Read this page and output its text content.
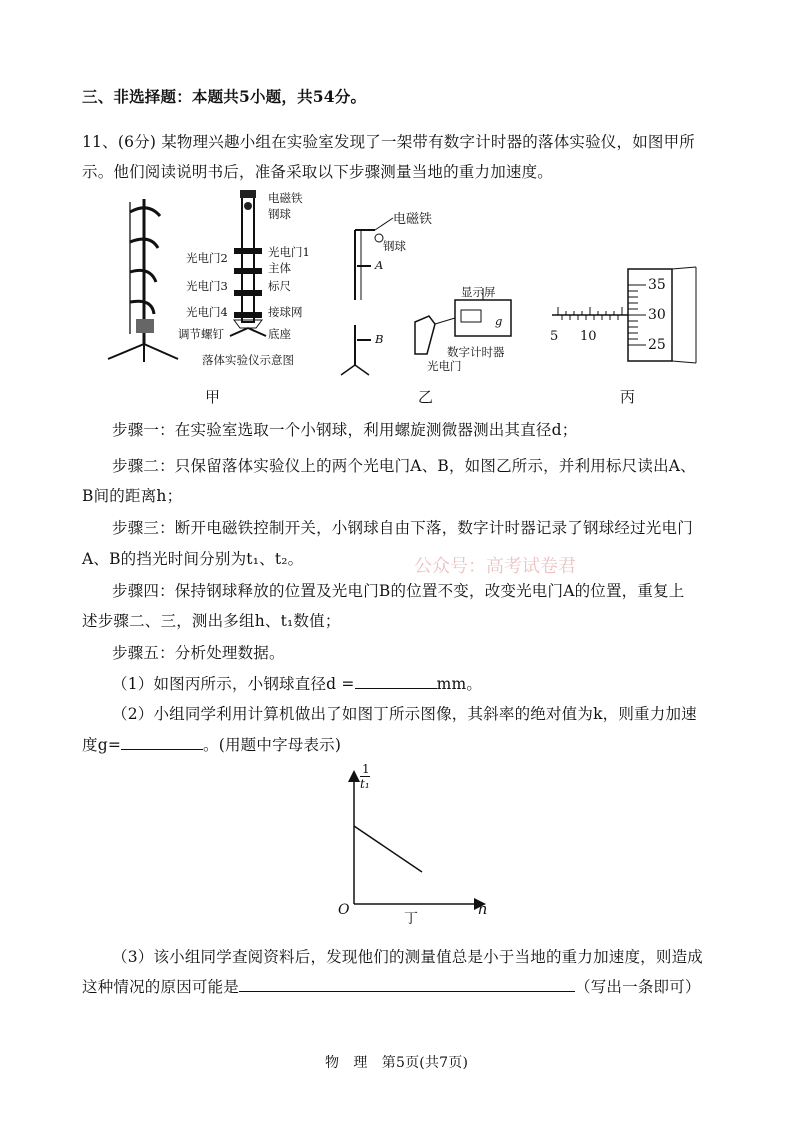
三、非选择题：本题共5小题，共54分。
11、(6分) 某物理兴趣小组在实验室发现了一架带有数字计时器的落体实验仪，如图甲所
示。他们阅读说明书后，准备采取以下步骤测量当地的重力加速度。
电磁铁
钢球
光电门1
光电门2
主体
光电门3	标尺
光电门4	接球网
调节螺钉	底座
落体实验仪示意图
甲
电磁铁
钢球
A
B
显示屏
g
数字计时器
光电门
乙
5 10
35
30
25
丙
步骤一：在实验室选取一个小钢球，利用螺旋测微器测出其直径d；
步骤二：只保留落体实验仪上的两个光电门A、B，如图乙所示，并利用标尺读出A、
B间的距离h；
步骤三：断开电磁铁控制开关，小钢球自由下落，数字计时器记录了钢球经过光电门
A、B的挡光时间分别为t₁、t₂。	公众号：高考试卷君
步骤四：保持钢球释放的位置及光电门B的位置不变，改变光电门A的位置，重复上
述步骤二、三，测出多组h、t₁数值；
步骤五：分析处理数据。
（1）如图丙所示，小钢球直径d =	mm。
（2）小组同学利用计算机做出了如图丁所示图像，其斜率的绝对值为k，则重力加速
度g=	。(用题中字母表示)
1
t₁
O	h
丁
（3）该小组同学查阅资料后，发现他们的测量值总是小于当地的重力加速度，则造成
这种情况的原因可能是	（写出一条即可）
物　理　第5页(共7页)
